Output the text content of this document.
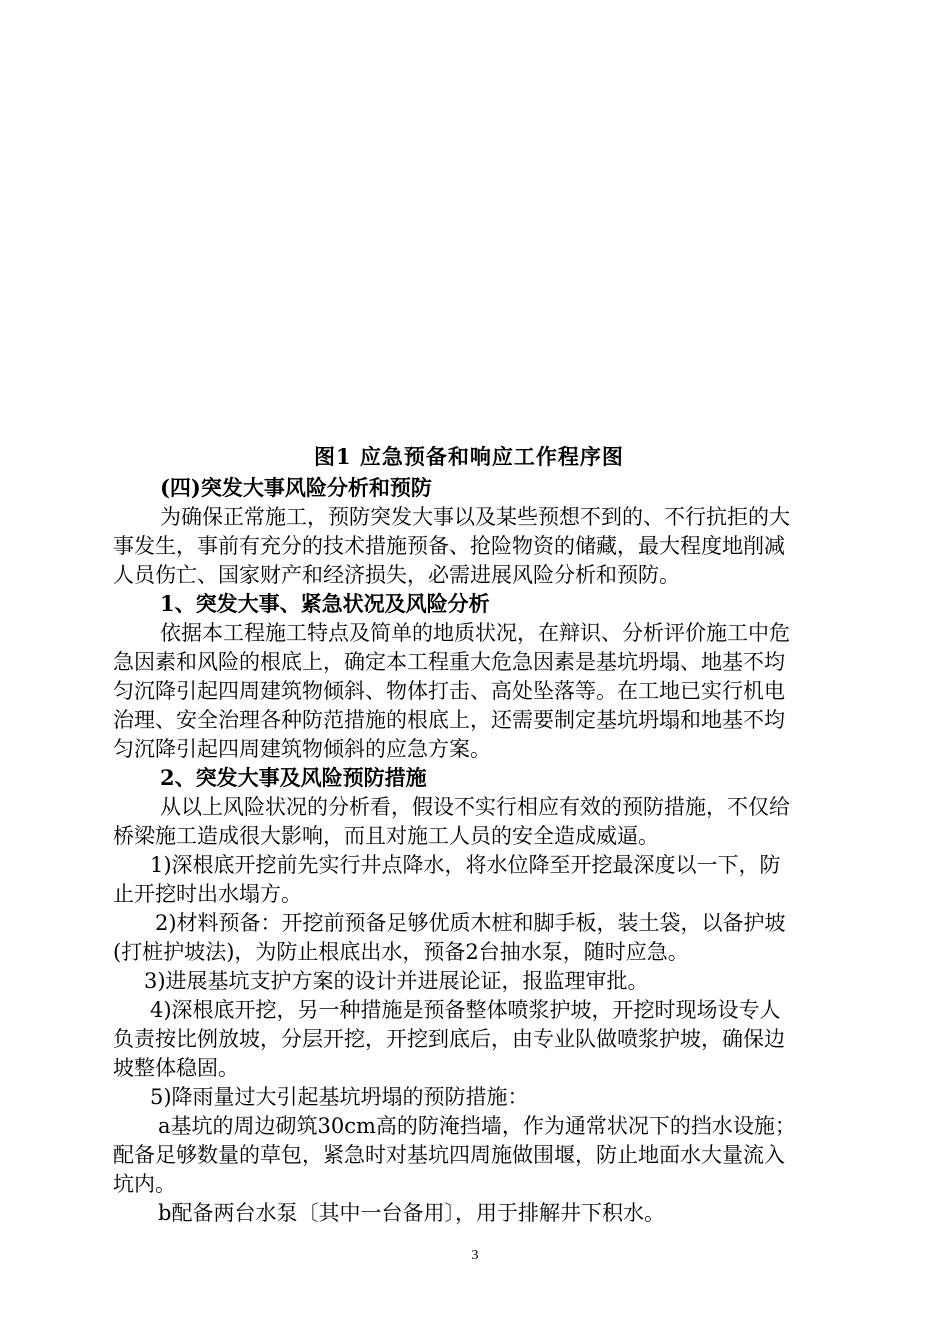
图1 应急预备和响应工作程序图
(四)突发大事风险分析和预防
为确保正常施工，预防突发大事以及某些预想不到的、不行抗拒的大
事发生，事前有充分的技术措施预备、抢险物资的储藏，最大程度地削减
人员伤亡、国家财产和经济损失，必需进展风险分析和预防。
1、突发大事、紧急状况及风险分析
依据本工程施工特点及简单的地质状况，在辩识、分析评价施工中危
急因素和风险的根底上，确定本工程重大危急因素是基坑坍塌、地基不均
匀沉降引起四周建筑物倾斜、物体打击、高处坠落等。在工地已实行机电
治理、安全治理各种防范措施的根底上，还需要制定基坑坍塌和地基不均
匀沉降引起四周建筑物倾斜的应急方案。
2、突发大事及风险预防措施
从以上风险状况的分析看，假设不实行相应有效的预防措施，不仅给
桥梁施工造成很大影响，而且对施工人员的安全造成威逼。
1)深根底开挖前先实行井点降水，将水位降至开挖最深度以一下，防
止开挖时出水塌方。
2)材料预备：开挖前预备足够优质木桩和脚手板，装土袋，以备护坡
(打桩护坡法)，为防止根底出水，预备2台抽水泵，随时应急。
3)进展基坑支护方案的设计并进展论证，报监理审批。
4)深根底开挖，另一种措施是预备整体喷浆护坡，开挖时现场设专人
负责按比例放坡，分层开挖，开挖到底后，由专业队做喷浆护坡，确保边
坡整体稳固。
5)降雨量过大引起基坑坍塌的预防措施：
a基坑的周边砌筑30cm高的防淹挡墙，作为通常状况下的挡水设施；
配备足够数量的草包，紧急时对基坑四周施做围堰，防止地面水大量流入
坑内。
b配备两台水泵〔其中一台备用〕，用于排解井下积水。
3
